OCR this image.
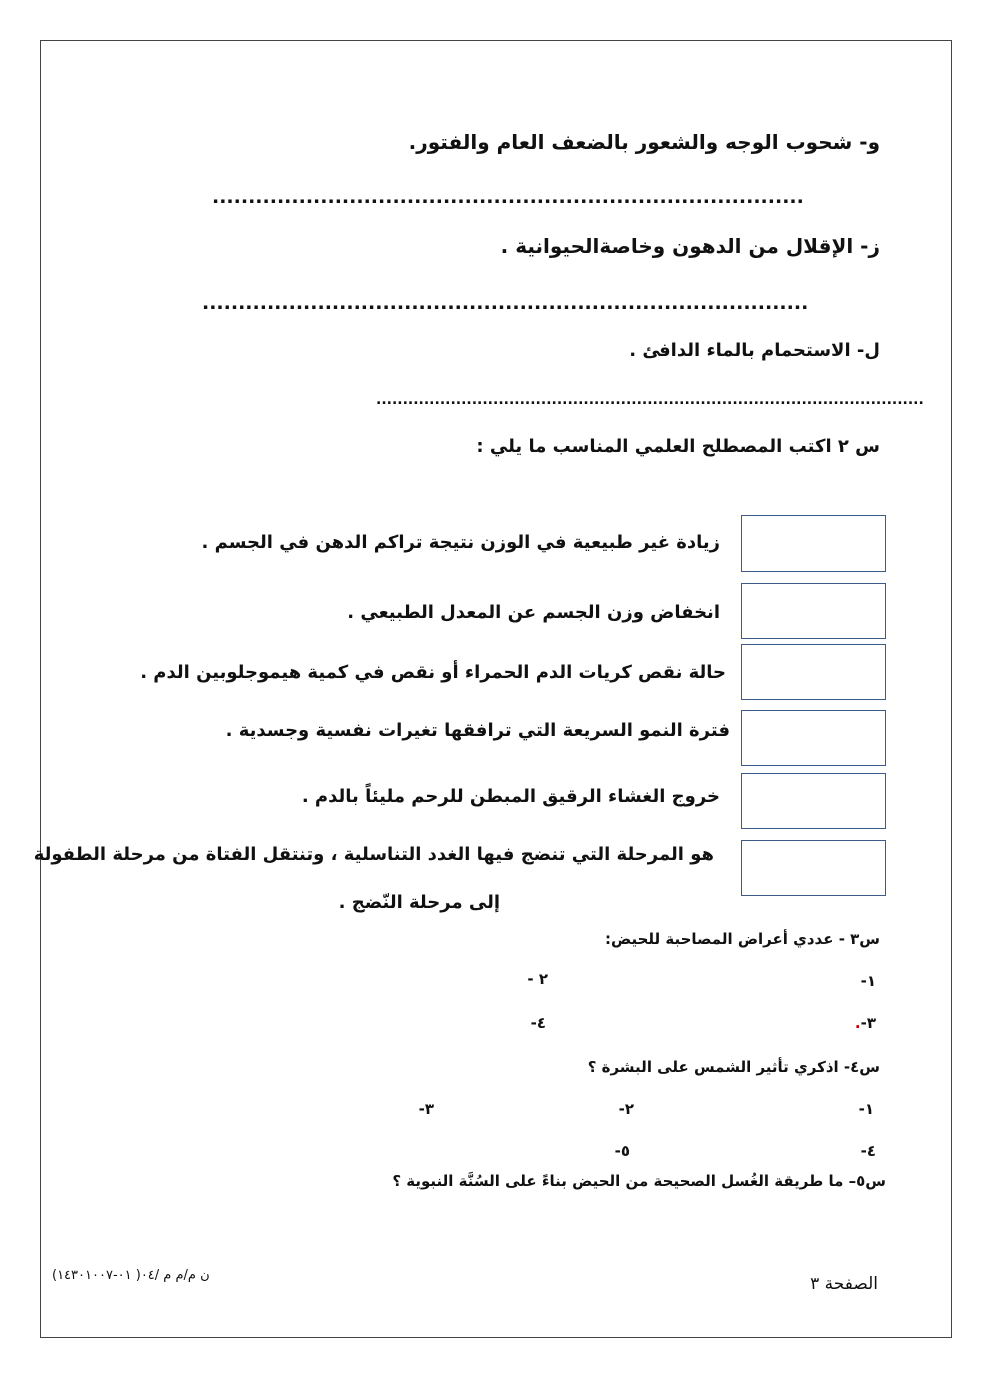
و- شحوب الوجه والشعور بالضعف العام والفتور.
..................................................................................
ز- الإقلال من الدهون وخاصةالحيوانية .
....................................................................................
ل- الاستحمام بالماء الدافئ .
.......................................................................................................
س ٢ اكتب المصطلح العلمي المناسب ما يلي :
زيادة غير طبيعية في الوزن نتيجة تراكم الدهن في الجسم .
انخفاض وزن الجسم عن المعدل الطبيعي .
حالة نقص كريات الدم الحمراء أو نقص في كمية هيموجلوبين الدم .
فترة النمو السريعة التي ترافقها تغيرات نفسية وجسدية .
خروج الغشاء الرقيق المبطن للرحم مليئاً بالدم .
هو المرحلة التي تنضج فيها الغدد التناسلية ، وتنتقل الفتاة من مرحلة الطفولة
إلى مرحلة النّضج .
س٣ - عددي أعراض المصاحبة للحيض:
١-
٢ -
٣-.
٤-
س٤- اذكري تأثير الشمس على البشرة ؟
١-
٢-
٣-
٤-
٥-
س٥– ما طريقة الغُسل الصحيحة من الحيض بناءً على السُنَّة النبوية ؟
الصفحة ٣
ن م/م م /٠٤( ٠١-١٤٣٠١٠٠٧)
